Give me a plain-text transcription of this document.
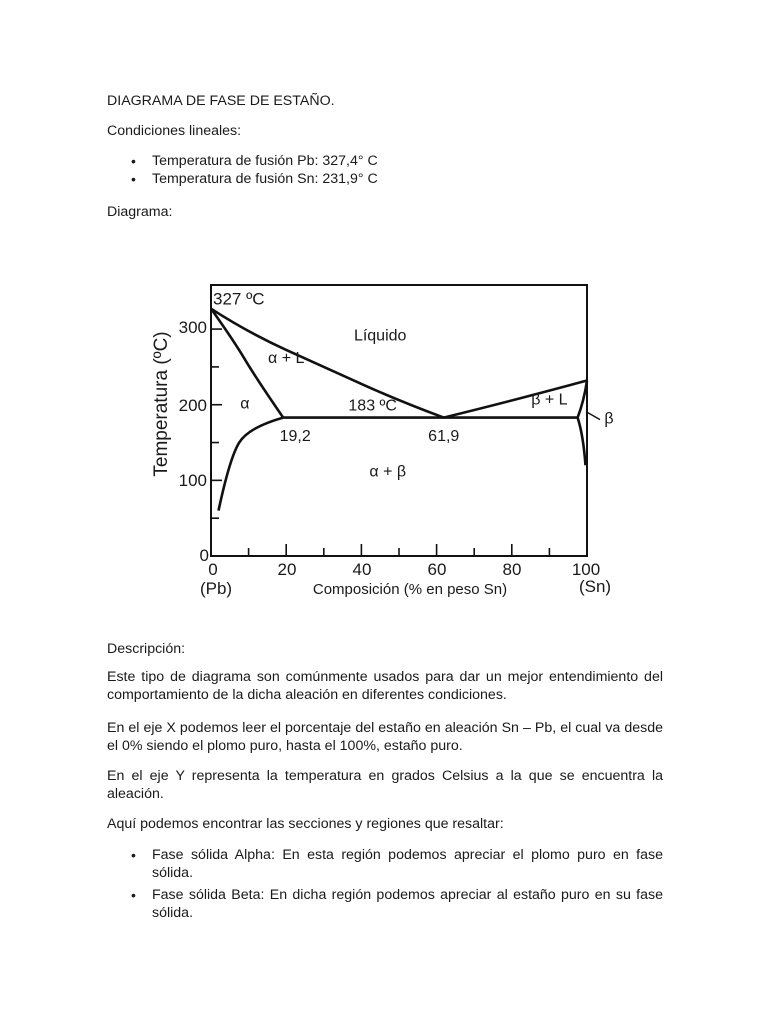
DIAGRAMA DE FASE DE ESTAÑO.

Condiciones lineales:

• Temperatura de fusión Pb: 327,4° C
• Temperatura de fusión Sn: 231,9° C

Diagrama:

300
200
100
0
0	20	40	60	80	100
(Pb)	(Sn)
Composición (% en peso Sn)
Temperatura (ºC)
327 ºC
Líquido
α + L
α	183 ºC
19,2	61,9
β + L
β
α + β

Descripción:

Este tipo de diagrama son comúnmente usados para dar un mejor entendimiento del comportamiento de la dicha aleación en diferentes condiciones.

En el eje X podemos leer el porcentaje del estaño en aleación Sn – Pb, el cual va desde el 0% siendo el plomo puro, hasta el 100%, estaño puro.

En el eje Y representa la temperatura en grados Celsius a la que se encuentra la aleación.

Aquí podemos encontrar las secciones y regiones que resaltar:

• Fase sólida Alpha: En esta región podemos apreciar el plomo puro en fase sólida.
• Fase sólida Beta: En dicha región podemos apreciar al estaño puro en su fase sólida.
